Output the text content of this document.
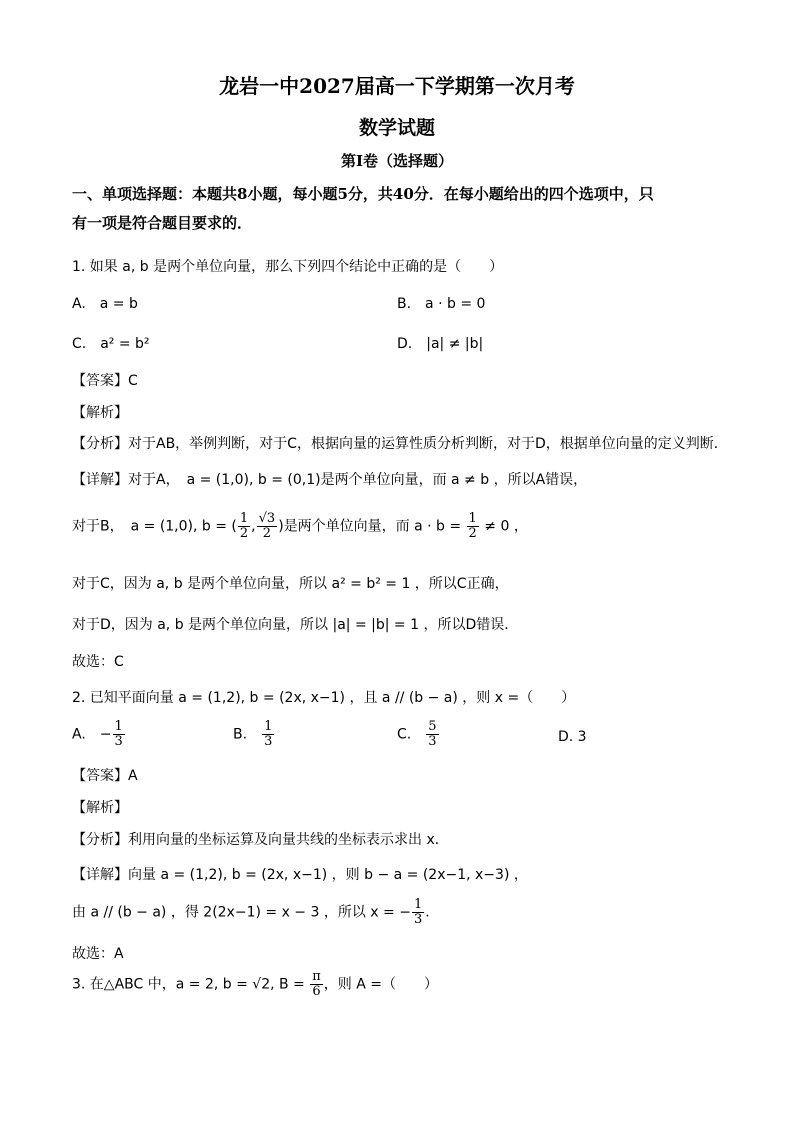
龙岩一中2027届高一下学期第一次月考
数学试题
第Ⅰ卷（选择题）
一、单项选择题：本题共8小题，每小题5分，共40分．在每小题给出的四个选项中，只
有一项是符合题目要求的．
1. 如果 a, b 是两个单位向量，那么下列四个结论中正确的是（　　）
A.　a = b	B.　a · b = 0
C.　a² = b²	D.　|a| ≠ |b|
【答案】C
【解析】
【分析】对于AB，举例判断，对于C，根据向量的运算性质分析判断，对于D，根据单位向量的定义判断．
【详解】对于A，　a = (1,0), b = (0,1)是两个单位向量，而 a ≠ b ，所以A错误，
对于B，　a = (1,0), b = ( $\frac{1}{2}$ , $\frac{√3}{2}$ )是两个单位向量，而 $a \cdot b = \frac{1}{2} \ne 0$ ，
对于C，因为 a, b 是两个单位向量，所以 a² = b² = 1 ，所以C正确，
对于D，因为 a, b 是两个单位向量，所以 |a| = |b| = 1 ，所以D错误．
故选：C
2. 已知平面向量 a = (1,2), b = (2x, x−1) ，且 a // (b − a) ，则 x =（　　）
A.　− $\frac{1}{3}$	B.　 $\frac{1}{3}$	C.　 $\frac{5}{3}$	D. 3
【答案】A
【解析】
【分析】利用向量的坐标运算及向量共线的坐标表示求出 x．
【详解】向量 a = (1,2), b = (2x, x−1) ，则 b − a = (2x−1, x−3) ，
由 a // (b − a) ，得 2(2x−1) = x − 3 ，所以 x = − $\frac{1}{3}$ ．
故选：A
3. 在△ABC 中，a = 2, b = √2, $B = \frac{\pi}{6}$ ，则 A =（　　）
